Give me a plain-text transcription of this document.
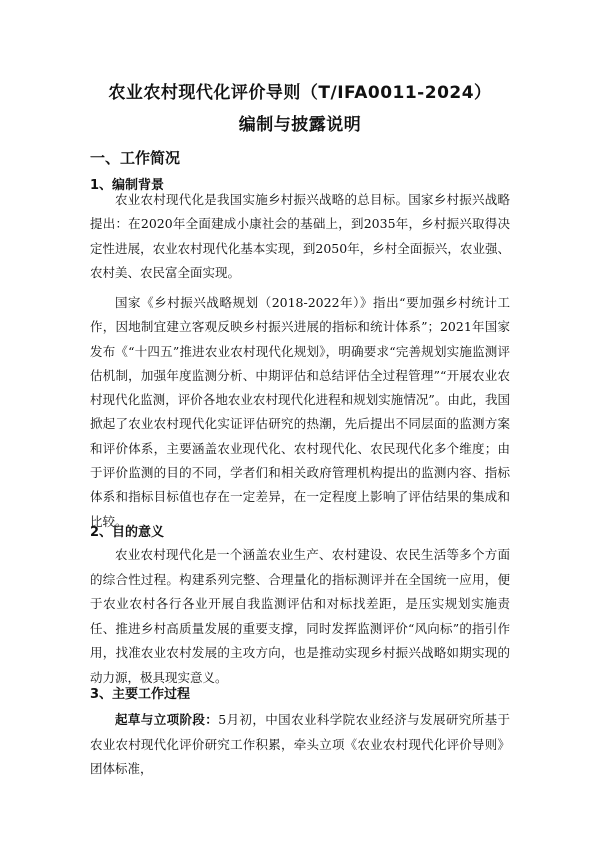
农业农村现代化评价导则（T/IFA0011-2024）
编制与披露说明
一、工作简况
1、编制背景

农业农村现代化是我国实施乡村振兴战略的总目标。国家乡村振兴战略提出：在2020年全面建成小康社会的基础上，到2035年，乡村振兴取得决定性进展，农业农村现代化基本实现，到2050年，乡村全面振兴，农业强、农村美、农民富全面实现。

国家《乡村振兴战略规划（2018-2022年）》指出“要加强乡村统计工作，因地制宜建立客观反映乡村振兴进展的指标和统计体系”；2021年国家发布《“十四五”推进农业农村现代化规划》，明确要求“完善规划实施监测评估机制，加强年度监测分析、中期评估和总结评估全过程管理”“开展农业农村现代化监测，评价各地农业农村现代化进程和规划实施情况”。由此，我国掀起了农业农村现代化实证评估研究的热潮，先后提出不同层面的监测方案和评价体系，主要涵盖农业现代化、农村现代化、农民现代化多个维度；由于评价监测的目的不同，学者们和相关政府管理机构提出的监测内容、指标体系和指标目标值也存在一定差异，在一定程度上影响了评估结果的集成和比较。

2、目的意义

农业农村现代化是一个涵盖农业生产、农村建设、农民生活等多个方面的综合性过程。构建系列完整、合理量化的指标测评并在全国统一应用，便于农业农村各行各业开展自我监测评估和对标找差距，是压实规划实施责任、推进乡村高质量发展的重要支撑，同时发挥监测评价“风向标”的指引作用，找准农业农村发展的主攻方向，也是推动实现乡村振兴战略如期实现的动力源，极具现实意义。

3、主要工作过程

起草与立项阶段：5月初，中国农业科学院农业经济与发展研究所基于农业农村现代化评价研究工作积累，牵头立项《农业农村现代化评价导则》团体标准，
